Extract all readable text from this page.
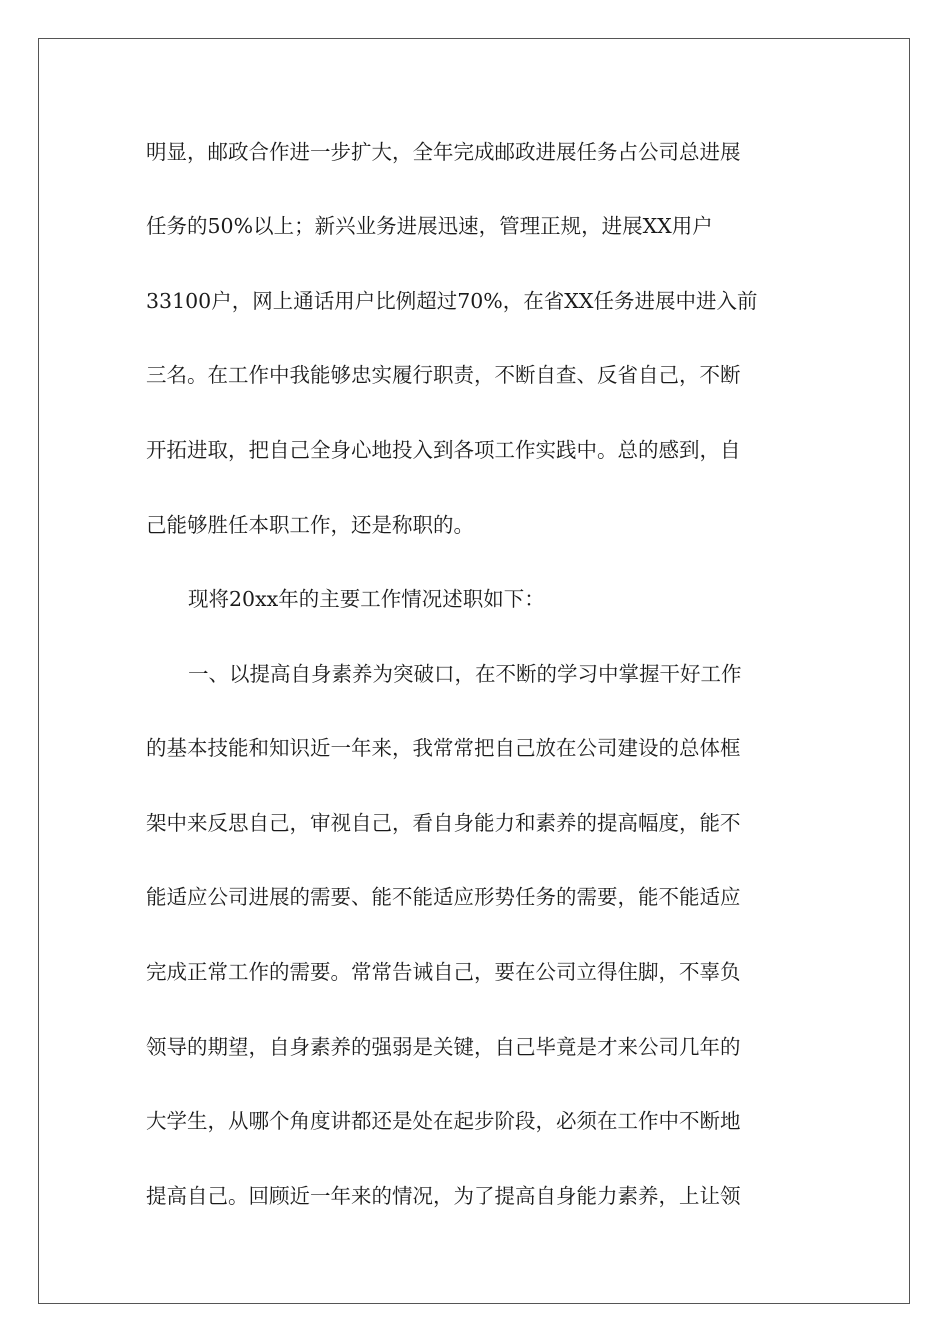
明显，邮政合作进一步扩大，全年完成邮政进展任务占公司总进展
任务的50%以上；新兴业务进展迅速，管理正规，进展XX用户
33100户，网上通话用户比例超过70%，在省XX任务进展中进入前
三名。在工作中我能够忠实履行职责，不断自查、反省自己，不断
开拓进取，把自己全身心地投入到各项工作实践中。总的感到，自
己能够胜任本职工作，还是称职的。
现将20xx年的主要工作情况述职如下：
一、以提高自身素养为突破口，在不断的学习中掌握干好工作
的基本技能和知识近一年来，我常常把自己放在公司建设的总体框
架中来反思自己，审视自己，看自身能力和素养的提高幅度，能不
能适应公司进展的需要、能不能适应形势任务的需要，能不能适应
完成正常工作的需要。常常告诫自己，要在公司立得住脚，不辜负
领导的期望，自身素养的强弱是关键，自己毕竟是才来公司几年的
大学生，从哪个角度讲都还是处在起步阶段，必须在工作中不断地
提高自己。回顾近一年来的情况，为了提高自身能力素养，上让领
